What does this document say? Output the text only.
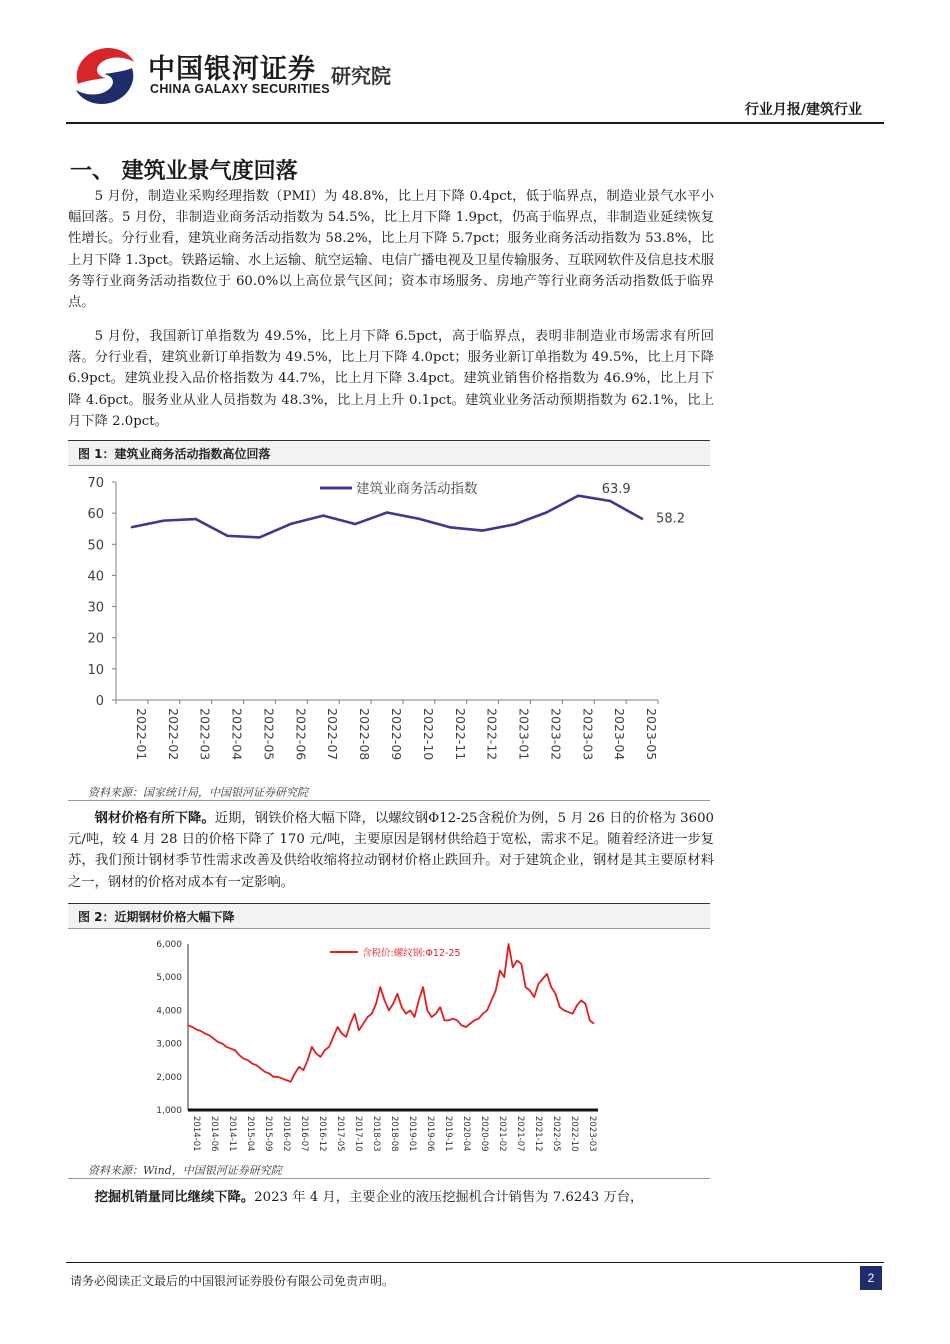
中国银河证券
CHINA GALAXY SECURITIES
研究院
行业月报/建筑行业
一、 建筑业景气度回落
5 月份，制造业采购经理指数（PMI）为 48.8%，比上月下降 0.4pct，低于临界点，制造业景气水平小幅回落。5 月份，非制造业商务活动指数为 54.5%，比上月下降 1.9pct，仍高于临界点，非制造业延续恢复性增长。分行业看，建筑业商务活动指数为 58.2%，比上月下降 5.7pct；服务业商务活动指数为 53.8%，比上月下降 1.3pct。铁路运输、水上运输、航空运输、电信广播电视及卫星传输服务、互联网软件及信息技术服务等行业商务活动指数位于 60.0%以上高位景气区间；资本市场服务、房地产等行业商务活动指数低于临界点。
5 月份，我国新订单指数为 49.5%，比上月下降 6.5pct，高于临界点，表明非制造业市场需求有所回落。分行业看，建筑业新订单指数为 49.5%，比上月下降 4.0pct；服务业新订单指数为 49.5%，比上月下降 6.9pct。建筑业投入品价格指数为 44.7%，比上月下降 3.4pct。建筑业销售价格指数为 46.9%，比上月下降 4.6pct。服务业从业人员指数为 48.3%，比上月上升 0.1pct。建筑业业务活动预期指数为 62.1%，比上月下降 2.0pct。
图 1：建筑业商务活动指数高位回落
70
60
50
40
30
20
10
0
2022-01 2022-02 2022-03 2022-04 2022-05 2022-06 2022-07 2022-08 2022-09 2022-10 2022-11 2022-12 2023-01 2023-02 2023-03 2023-04 2023-05
建筑业商务活动指数	63.9
58.2
资料来源：国家统计局，中国银河证券研究院
钢材价格有所下降。近期，钢铁价格大幅下降，以螺纹钢Φ12-25含税价为例，5 月 26 日的价格为 3600 元/吨，较 4 月 28 日的价格下降了 170 元/吨，主要原因是钢材供给趋于宽松，需求不足。随着经济进一步复苏，我们预计钢材季节性需求改善及供给收缩将拉动钢材价格止跌回升。对于建筑企业，钢材是其主要原材料之一，钢材的价格对成本有一定影响。
图 2：近期钢材价格大幅下降
6,000
5,000
4,000
3,000
2,000
1,000
2014-01 2014-06 2014-11 2015-04 2015-09 2016-02 2016-07 2016-12 2017-05 2017-10 2018-03 2018-08 2019-01 2019-06 2019-11 2020-04 2020-09 2021-02 2021-07 2021-12 2022-05 2022-10 2023-03
含税价:螺纹钢:Φ12-25
资料来源：Wind，中国银河证券研究院
挖掘机销量同比继续下降。2023 年 4 月，主要企业的液压挖掘机合计销售为 7.6243 万台，
请务必阅读正文最后的中国银河证券股份有限公司免责声明。	2
